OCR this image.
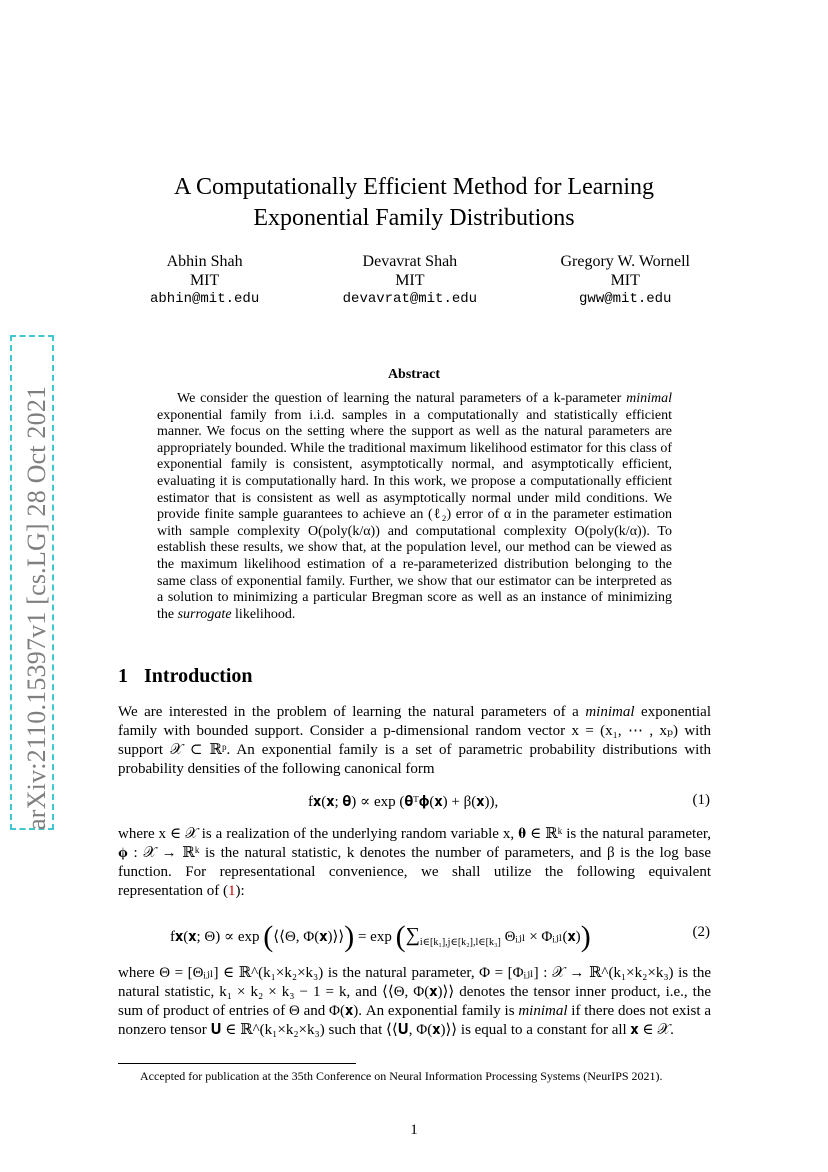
arXiv:2110.15397v1 [cs.LG] 28 Oct 2021
A Computationally Efficient Method for Learning
Exponential Family Distributions
Abhin Shah
MIT
abhin@mit.edu
Devavrat Shah
MIT
devavrat@mit.edu
Gregory W. Wornell
MIT
gww@mit.edu
Abstract

We consider the question of learning the natural parameters of a k-parameter minimal exponential family from i.i.d. samples in a computationally and statistically efficient manner. We focus on the setting where the support as well as the natural parameters are appropriately bounded. While the traditional maximum likelihood estimator for this class of exponential family is consistent, asymptotically normal, and asymptotically efficient, evaluating it is computationally hard. In this work, we propose a computationally efficient estimator that is consistent as well as asymptotically normal under mild conditions. We provide finite sample guarantees to achieve an (ℓ₂) error of α in the parameter estimation with sample complexity O(poly(k/α)) and computational complexity O(poly(k/α)). To establish these results, we show that, at the population level, our method can be viewed as the maximum likelihood estimation of a re-parameterized distribution belonging to the same class of exponential family. Further, we show that our estimator can be interpreted as a solution to minimizing a particular Bregman score as well as an instance of minimizing the surrogate likelihood.

1 Introduction

We are interested in the problem of learning the natural parameters of a minimal exponential family with bounded support. Consider a p-dimensional random vector x = (x₁, ⋯ , xₚ) with support 𝒳 ⊂ ℝᵖ. An exponential family is a set of parametric probability distributions with probability densities of the following canonical form

f𝐱(𝐱; 𝛉) ∝ exp (𝛉ᵀ𝛟(𝐱) + β(𝐱)),	(1)

where x ∈ 𝒳 is a realization of the underlying random variable x, 𝛉 ∈ ℝᵏ is the natural parameter, 𝛟 : 𝒳 → ℝᵏ is the natural statistic, k denotes the number of parameters, and β is the log base function. For representational convenience, we shall utilize the following equivalent representation of (1):

f𝐱(𝐱; Θ) ∝ exp (⟨⟨Θ, Φ(𝐱)⟩⟩) = $\exp (\sum_{i\in[k_1],j\in[k_2],l\in[k_3]}$ Θᵢⱼₗ × Φᵢⱼₗ(𝐱))	(2)

where Θ = [Θᵢⱼₗ] ∈ ℝ^(k₁×k₂×k₃) is the natural parameter, Φ = [Φᵢⱼₗ] : 𝒳 → ℝ^(k₁×k₂×k₃) is the natural statistic, k₁ × k₂ × k₃ − 1 = k, and ⟨⟨Θ, Φ(𝐱)⟩⟩ denotes the tensor inner product, i.e., the sum of product of entries of Θ and Φ(𝐱). An exponential family is minimal if there does not exist a nonzero tensor 𝐔 ∈ ℝ^(k₁×k₂×k₃) such that ⟨⟨𝐔, Φ(𝐱)⟩⟩ is equal to a constant for all 𝐱 ∈ 𝒳.

Accepted for publication at the 35th Conference on Neural Information Processing Systems (NeurIPS 2021).

1
